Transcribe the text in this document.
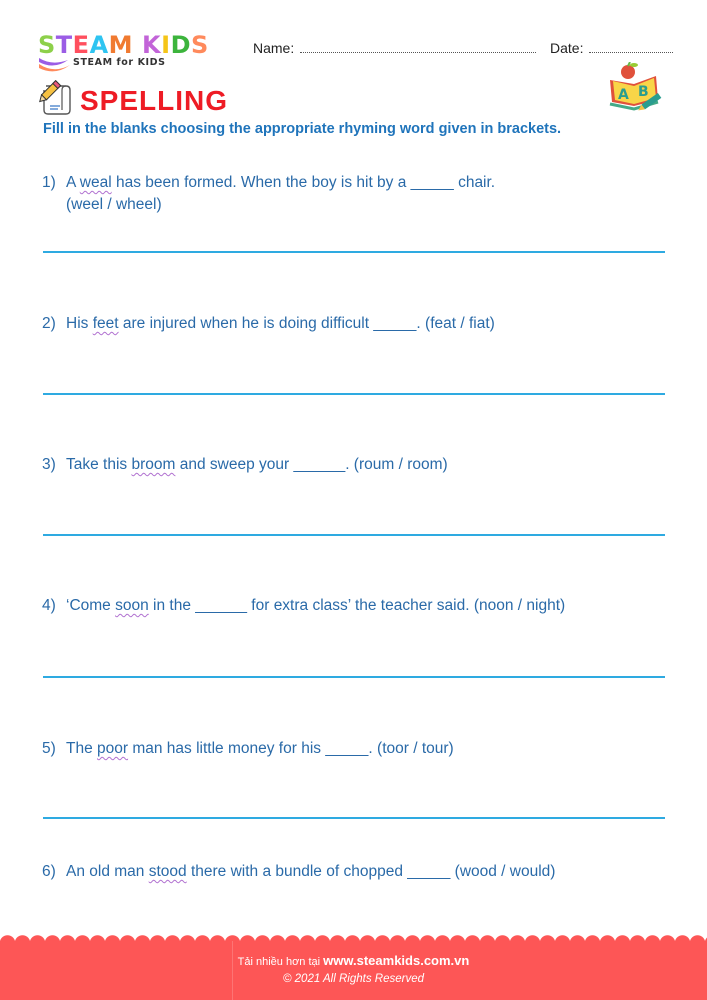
STEAM KIDS
STEAM for KIDS
Name:	Date:
SPELLING	A B
Fill in the blanks choosing the appropriate rhyming word given in brackets.
1) A weal has been formed. When the boy is hit by a _____ chair.
(weel / wheel)
2) His feet are injured when he is doing difficult _____. (feat / fiat)
3) Take this broom and sweep your ______. (roum / room)
4) ‘Come soon in the ______ for extra class’ the teacher said. (noon / night)
5) The poor man has little money for his _____. (toor / tour)
6) An old man stood there with a bundle of chopped _____ (wood / would)
Tải nhiều hơn tại www.steamkids.com.vn
© 2021 All Rights Reserved
